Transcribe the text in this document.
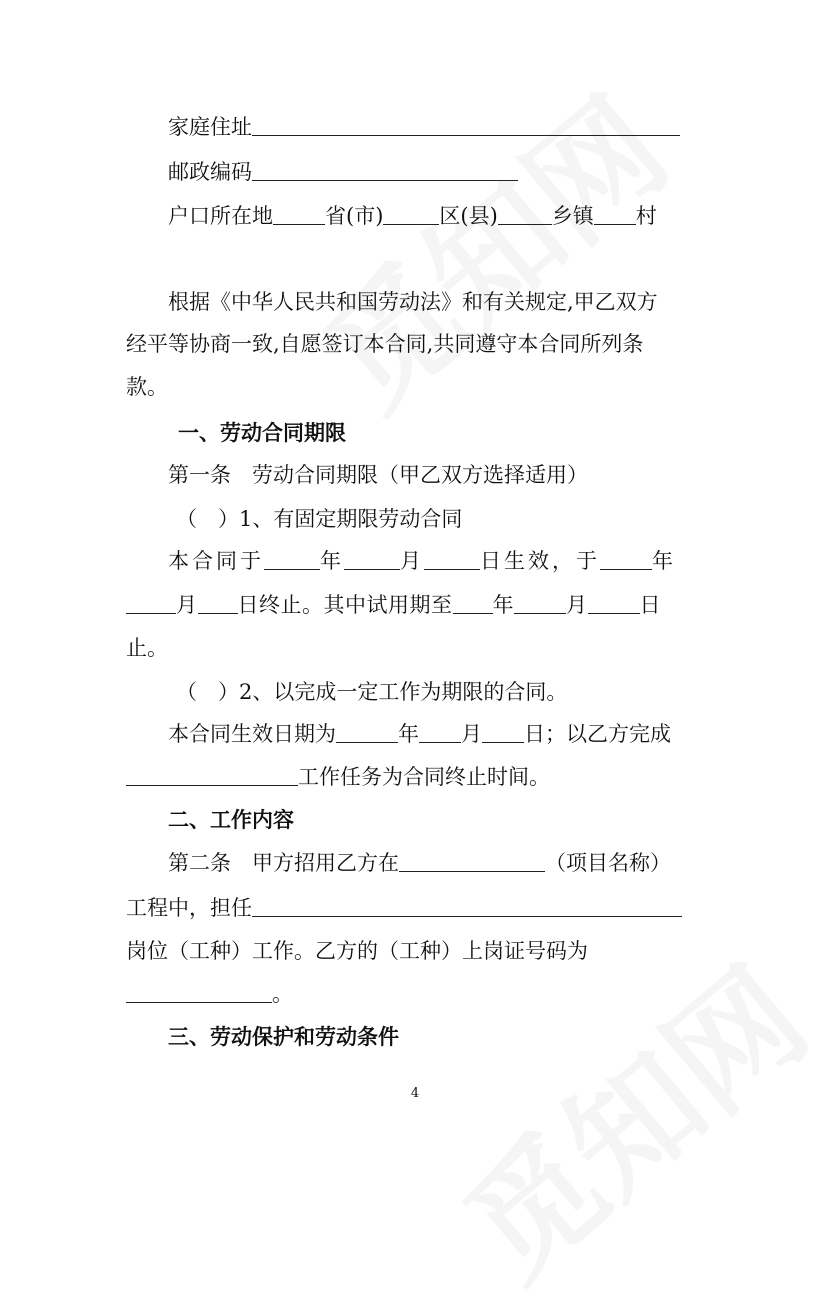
家庭住址
邮政编码
户口所在地 省(市)	区(县)	乡镇 村
根据《中华人民共和国劳动法》和有关规定,甲乙双方
经平等协商一致,自愿签订本合同,共同遵守本合同所列条
款。
一、劳动合同期限
第一条　劳动合同期限（甲乙双方选择适用）
（　）1、有固定期限劳动合同
本合同于	年	月	日生效，于 年
月 日终止。其中试用期至 年 月 日
止。
（　）2、以完成一定工作为期限的合同。
本合同生效日期为	年 月 日；以乙方完成
工作任务为合同终止时间。
二、工作内容
第二条　甲方招用乙方在	（项目名称）
工程中，担任
岗位（工种）工作。乙方的（工种）上岗证号码为
。
三、劳动保护和劳动条件
4
